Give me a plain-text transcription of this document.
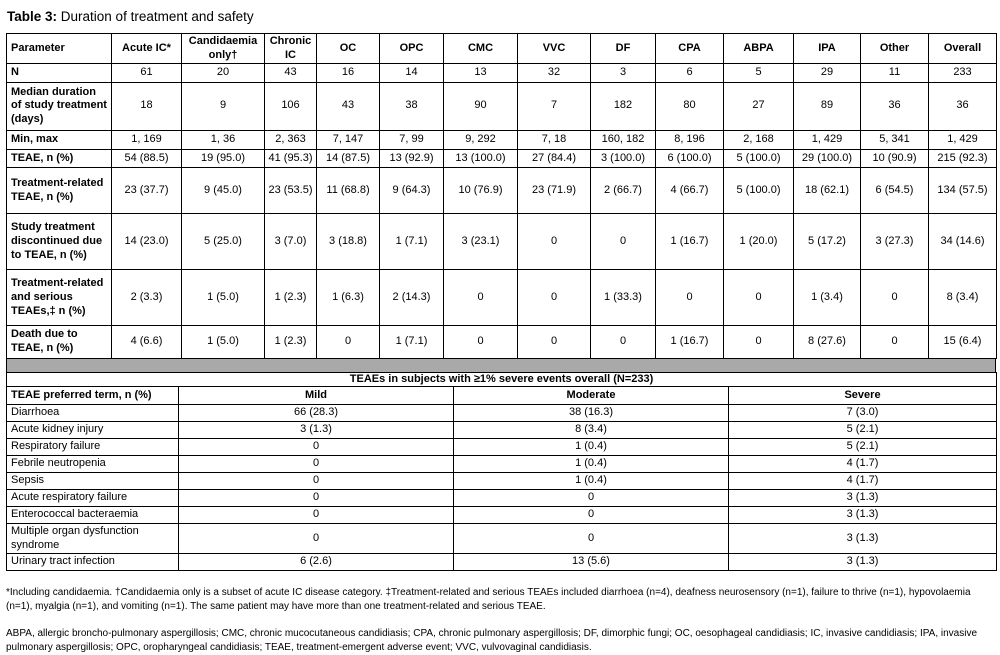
Table 3: Duration of treatment and safety
Parameter	Acute IC*	Candidaemia only†	Chronic IC	OC	OPC	CMC	VVC	DF	CPA	ABPA	IPA	Other	Overall
N	61	20	43	16	14	13	32	3	6	5	29	11	233
Median duration of study treatment (days)	18	9	106	43	38	90	7	182	80	27	89	36	36
Min, max	1, 169	1, 36	2, 363	7, 147	7, 99	9, 292	7, 18	160, 182	8, 196	2, 168	1, 429	5, 341	1, 429
TEAE, n (%)	54 (88.5)	19 (95.0)	41 (95.3)	14 (87.5)	13 (92.9)	13 (100.0)	27 (84.4)	3 (100.0)	6 (100.0)	5 (100.0)	29 (100.0)	10 (90.9)	215 (92.3)
Treatment-related TEAE, n (%)	23 (37.7)	9 (45.0)	23 (53.5)	11 (68.8)	9 (64.3)	10 (76.9)	23 (71.9)	2 (66.7)	4 (66.7)	5 (100.0)	18 (62.1)	6 (54.5)	134 (57.5)
Study treatment discontinued due to TEAE, n (%)	14 (23.0)	5 (25.0)	3 (7.0)	3 (18.8)	1 (7.1)	3 (23.1)	0	0	1 (16.7)	1 (20.0)	5 (17.2)	3 (27.3)	34 (14.6)
Treatment-related and serious TEAEs,‡ n (%)	2 (3.3)	1 (5.0)	1 (2.3)	1 (6.3)	2 (14.3)	0	0	1 (33.3)	0	0	1 (3.4)	0	8 (3.4)
Death due to TEAE, n (%)	4 (6.6)	1 (5.0)	1 (2.3)	0	1 (7.1)	0	0	0	1 (16.7)	0	8 (27.6)	0	15 (6.4)
TEAEs in subjects with ≥1% severe events overall (N=233)			
TEAE preferred term, n (%)	Mild	Moderate	Severe
Diarrhoea	66 (28.3)	38 (16.3)	7 (3.0)
Acute kidney injury	3 (1.3)	8 (3.4)	5 (2.1)
Respiratory failure	0	1 (0.4)	5 (2.1)
Febrile neutropenia	0	1 (0.4)	4 (1.7)
Sepsis	0	1 (0.4)	4 (1.7)
Acute respiratory failure	0	0	3 (1.3)
Enterococcal bacteraemia	0	0	3 (1.3)
Multiple organ dysfunction syndrome	0	0	3 (1.3)
Urinary tract infection	6 (2.6)	13 (5.6)	3 (1.3)

*Including candidaemia. †Candidaemia only is a subset of acute IC disease category. ‡Treatment-related and serious TEAEs included diarrhoea (n=4), deafness neurosensory (n=1), failure to thrive (n=1), hypovolaemia (n=1), myalgia (n=1), and vomiting (n=1). The same patient may have more than one treatment-related and serious TEAE.

ABPA, allergic broncho-pulmonary aspergillosis; CMC, chronic mucocutaneous candidiasis; CPA, chronic pulmonary aspergillosis; DF, dimorphic fungi; OC, oesophageal candidiasis; IC, invasive candidiasis; IPA, invasive pulmonary aspergillosis; OPC, oropharyngeal candidiasis; TEAE, treatment-emergent adverse event; VVC, vulvovaginal candidiasis.
